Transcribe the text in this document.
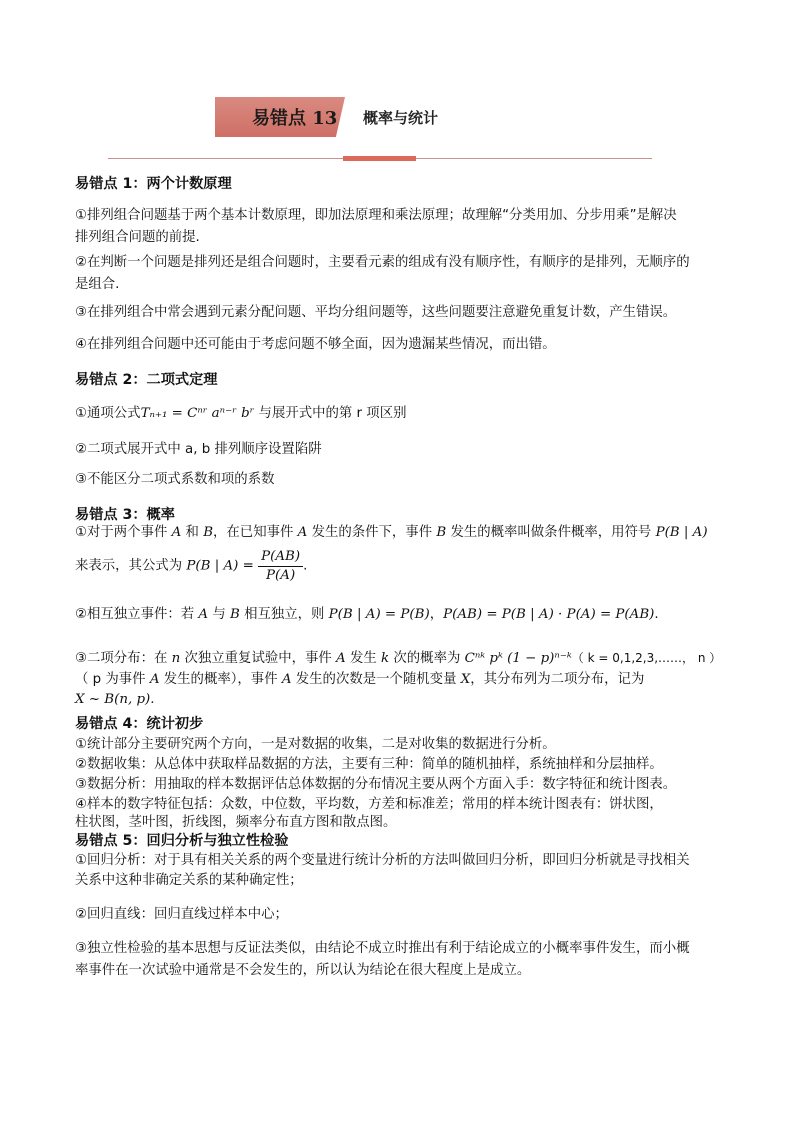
易错点 13 概率与统计
易错点 1：两个计数原理
①排列组合问题基于两个基本计数原理，即加法原理和乘法原理；故理解“分类用加、分步用乘”是解决
排列组合问题的前提.
②在判断一个问题是排列还是组合问题时，主要看元素的组成有没有顺序性，有顺序的是排列，无顺序的
是组合.
③在排列组合中常会遇到元素分配问题、平均分组问题等，这些问题要注意避免重复计数，产生错误。
④在排列组合问题中还可能由于考虑问题不够全面，因为遗漏某些情况，而出错。
易错点 2：二项式定理
①通项公式Tₙ₊₁ = Cⁿʳ aⁿ⁻ʳ bʳ 与展开式中的第 r 项区别
②二项式展开式中 a, b 排列顺序设置陷阱
③不能区分二项式系数和项的系数
易错点 3：概率
①对于两个事件 A 和 B，在已知事件 A 发生的条件下，事件 B 发生的概率叫做条件概率，用符号 P(B | A)
来表示，其公式为 P(B | $A) = \frac{P(AB)}{P(A)}$ .
②相互独立事件：若 A 与 B 相互独立，则 P(B | A) = P(B)，P(AB) = P(B | A) · P(A) = P(AB).
③二项分布：在 n 次独立重复试验中，事件 A 发生 k 次的概率为 Cⁿᵏ pᵏ (1 − p)ⁿ⁻ᵏ（ k = 0,1,2,3,……， n ）
（ p 为事件 A 发生的概率），事件 A 发生的次数是一个随机变量 X，其分布列为二项分布，记为
X ~ B(n, p).
易错点 4：统计初步
①统计部分主要研究两个方向，一是对数据的收集，二是对收集的数据进行分析。
②数据收集：从总体中获取样品数据的方法，主要有三种：简单的随机抽样，系统抽样和分层抽样。
③数据分析：用抽取的样本数据评估总体数据的分布情况主要从两个方面入手：数字特征和统计图表。
④样本的数字特征包括：众数，中位数，平均数，方差和标准差；常用的样本统计图表有：饼状图，
柱状图，茎叶图，折线图，频率分布直方图和散点图。
易错点 5：回归分析与独立性检验
①回归分析：对于具有相关关系的两个变量进行统计分析的方法叫做回归分析，即回归分析就是寻找相关
关系中这种非确定关系的某种确定性；
②回归直线：回归直线过样本中心；
③独立性检验的基本思想与反证法类似，由结论不成立时推出有利于结论成立的小概率事件发生，而小概
率事件在一次试验中通常是不会发生的，所以认为结论在很大程度上是成立。
